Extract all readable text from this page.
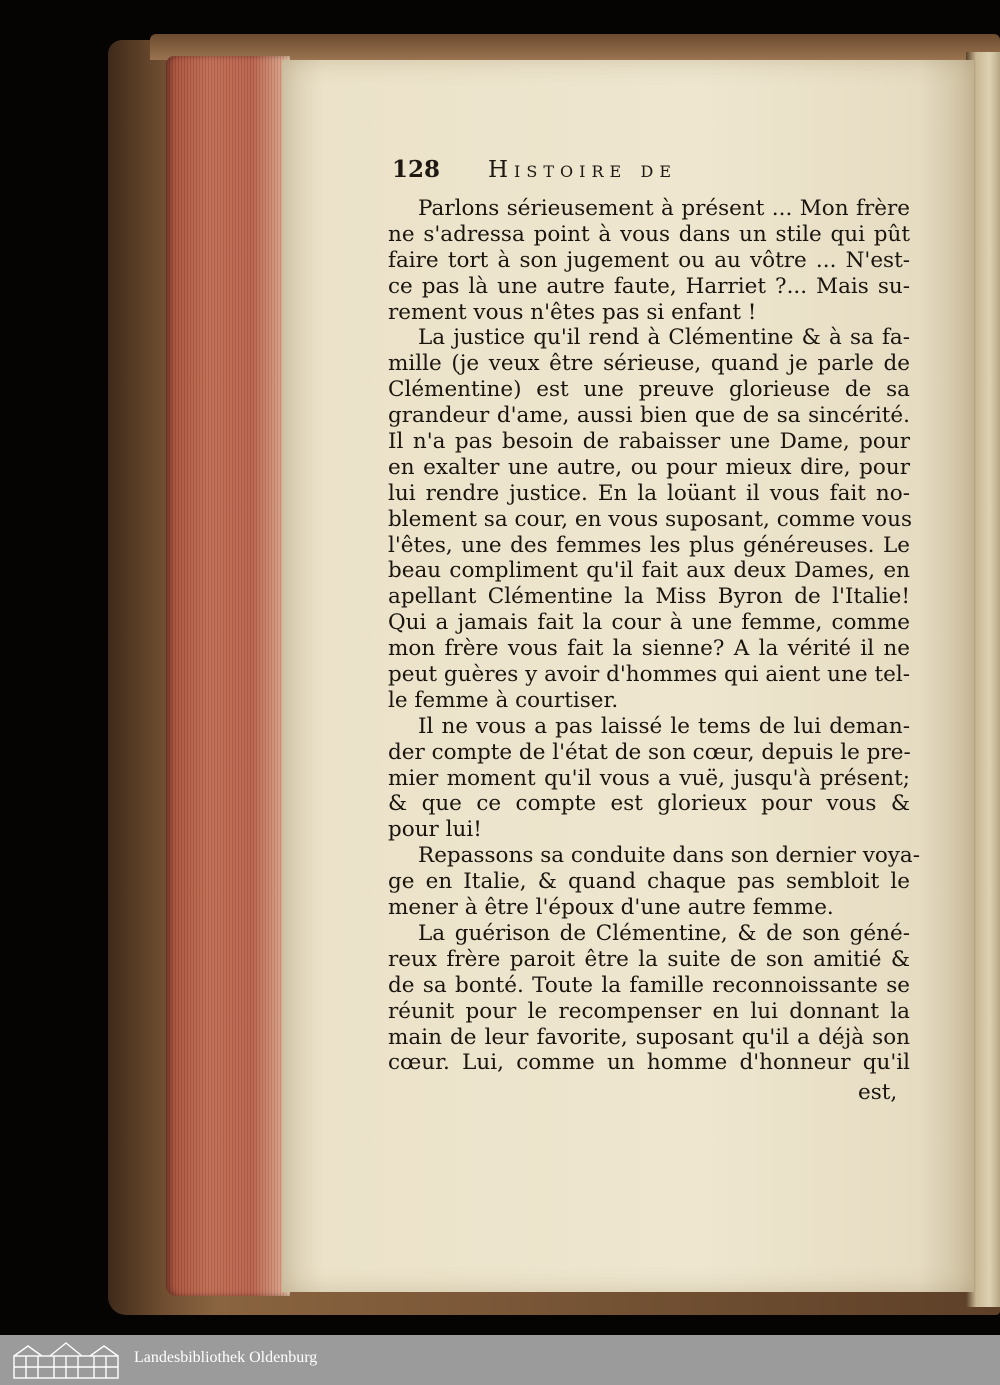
128	Histoire de
Parlons sérieusement à présent ... Mon frère
ne s'adressa point à vous dans un stile qui pût
faire tort à son jugement ou au vôtre ... N'est-
ce pas là une autre faute, Harriet ?... Mais su-
rement vous n'êtes pas si enfant !
La justice qu'il rend à Clémentine & à sa fa-
mille (je veux être sérieuse, quand je parle de
Clémentine) est une preuve glorieuse de sa
grandeur d'ame, aussi bien que de sa sincérité.
Il n'a pas besoin de rabaisser une Dame, pour
en exalter une autre, ou pour mieux dire, pour
lui rendre justice. En la loüant il vous fait no-
blement sa cour, en vous suposant, comme vous
l'êtes, une des femmes les plus généreuses. Le
beau compliment qu'il fait aux deux Dames, en
apellant Clémentine la Miss Byron de l'Italie!
Qui a jamais fait la cour à une femme, comme
mon frère vous fait la sienne? A la vérité il ne
peut guères y avoir d'hommes qui aient une tel-
le femme à courtiser.
Il ne vous a pas laissé le tems de lui deman-
der compte de l'état de son cœur, depuis le pre-
mier moment qu'il vous a vuë, jusqu'à présent;
& que ce compte est glorieux pour vous &
pour lui!
Repassons sa conduite dans son dernier voya-
ge en Italie, & quand chaque pas sembloit le
mener à être l'époux d'une autre femme.
La guérison de Clémentine, & de son géné-
reux frère paroit être la suite de son amitié &
de sa bonté. Toute la famille reconnoissante se
réunit pour le recompenser en lui donnant la
main de leur favorite, suposant qu'il a déjà son
cœur. Lui, comme un homme d'honneur qu'il
est,
Landesbibliothek Oldenburg
